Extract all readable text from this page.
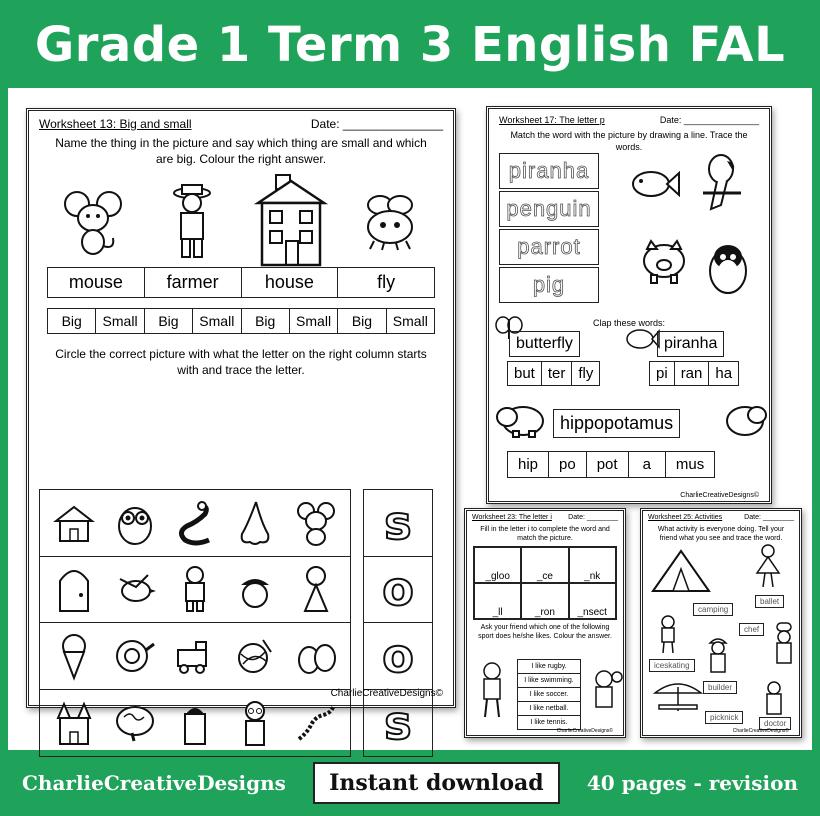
Grade 1 Term 3 English FAL
Worksheet 13: Big and small	Date: _______________
Name the thing in the picture and say which thing are small and which are big. Colour the right answer.
mouse	farmer	house	fly
Big	Small	Big	Small	Big	Small	Big	Small
Circle the correct picture with what the letter on the right column starts with and trace the letter.
s
o
o
s
CharlieCreativeDesigns©
Worksheet 17: The letter p	Date: _______________
Match the word with the picture by drawing a line. Trace the words.
piranha
penguin
parrot
pig
Clap these words:
butterfly
but ter fly
piranha
pi ran ha
hippopotamus
hip	po	pot	a	mus
CharlieCreativeDesigns©
Worksheet 23: The letter i Date: ________
Fill in the letter i to complete the word and match the picture.
_gloo	_ce	_nk
_ll	_ron	_nsect
Ask your friend which one of the following sport does he/she likes. Colour the answer.
I like rugby.
I like swimming.
I like soccer.
I like netball.
I like tennis.
CharlieCreativeDesigns©
Worksheet 25: Activities	Date: ________
What activity is everyone doing. Tell your friend what you see and trace the word.
ballet
camping
chef
iceskating
builder
picknick
doctor
CharlieCreativeDesigns©
CharlieCreativeDesigns	Instant download	40 pages - revision
